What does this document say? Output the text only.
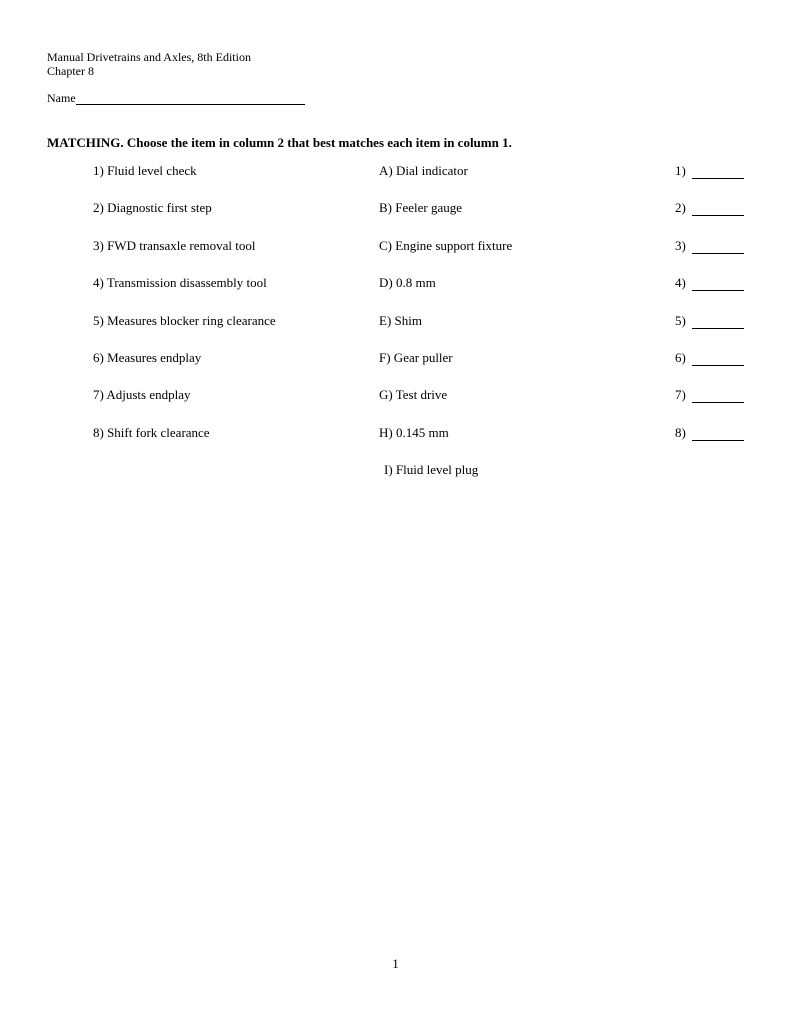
Manual Drivetrains and Axles, 8th Edition
Chapter 8
Name
MATCHING. Choose the item in column 2 that best matches each item in column 1.
1) Fluid level check	A) Dial indicator	1)
2) Diagnostic first step	B) Feeler gauge	2)
3) FWD transaxle removal tool	C) Engine support fixture	3)
4) Transmission disassembly tool	D) 0.8 mm	4)
5) Measures blocker ring clearance	E) Shim	5)
6) Measures endplay	F) Gear puller	6)
7) Adjusts endplay	G) Test drive	7)
8) Shift fork clearance	H) 0.145 mm	8)
I) Fluid level plug
1
